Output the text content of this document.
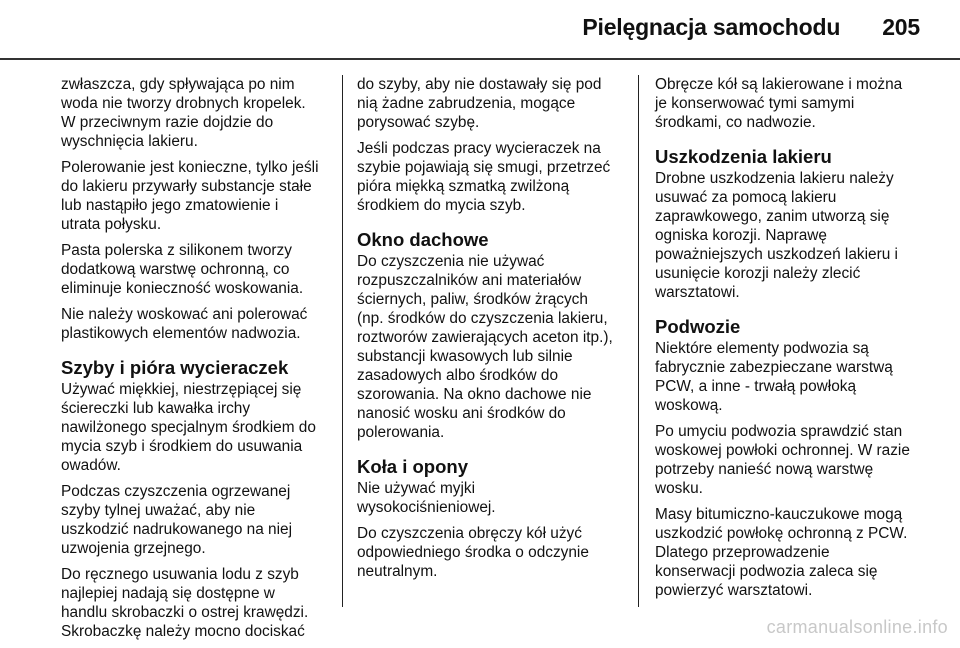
Pielęgnacja samochodu 205

zwłaszcza, gdy spływająca po nim
woda nie tworzy drobnych kropelek.
W przeciwnym razie dojdzie do
wyschnięcia lakieru.

Polerowanie jest konieczne, tylko jeśli
do lakieru przywarły substancje stałe
lub nastąpiło jego zmatowienie i
utrata połysku.

Pasta polerska z silikonem tworzy
dodatkową warstwę ochronną, co
eliminuje konieczność woskowania.

Nie należy woskować ani polerować
plastikowych elementów nadwozia.

Szyby i pióra wycieraczek

Używać miękkiej, niestrzępiącej się
ściereczki lub kawałka irchy
nawilżonego specjalnym środkiem do
mycia szyb i środkiem do usuwania
owadów.

Podczas czyszczenia ogrzewanej
szyby tylnej uważać, aby nie
uszkodzić nadrukowanego na niej
uzwojenia grzejnego.

Do ręcznego usuwania lodu z szyb
najlepiej nadają się dostępne w
handlu skrobaczki o ostrej krawędzi.
Skrobaczkę należy mocno dociskać

do szyby, aby nie dostawały się pod
nią żadne zabrudzenia, mogące
porysować szybę.

Jeśli podczas pracy wycieraczek na
szybie pojawiają się smugi, przetrzeć
pióra miękką szmatką zwilżoną
środkiem do mycia szyb.

Okno dachowe

Do czyszczenia nie używać
rozpuszczalników ani materiałów
ściernych, paliw, środków żrących
(np. środków do czyszczenia lakieru,
roztworów zawierających aceton itp.),
substancji kwasowych lub silnie
zasadowych albo środków do
szorowania. Na okno dachowe nie
nanosić wosku ani środków do
polerowania.

Koła i opony

Nie używać myjki
wysokociśnieniowej.

Do czyszczenia obręczy kół użyć
odpowiedniego środka o odczynie
neutralnym.

Obręcze kół są lakierowane i można
je konserwować tymi samymi
środkami, co nadwozie.

Uszkodzenia lakieru

Drobne uszkodzenia lakieru należy
usuwać za pomocą lakieru
zaprawkowego, zanim utworzą się
ogniska korozji. Naprawę
poważniejszych uszkodzeń lakieru i
usunięcie korozji należy zlecić
warsztatowi.

Podwozie

Niektóre elementy podwozia są
fabrycznie zabezpieczane warstwą
PCW, a inne - trwałą powłoką
woskową.

Po umyciu podwozia sprawdzić stan
woskowej powłoki ochronnej. W razie
potrzeby nanieść nową warstwę
wosku.

Masy bitumiczno-kauczukowe mogą
uszkodzić powłokę ochronną z PCW.
Dlatego przeprowadzenie
konserwacji podwozia zaleca się
powierzyć warsztatowi.

carmanualsonline.info
